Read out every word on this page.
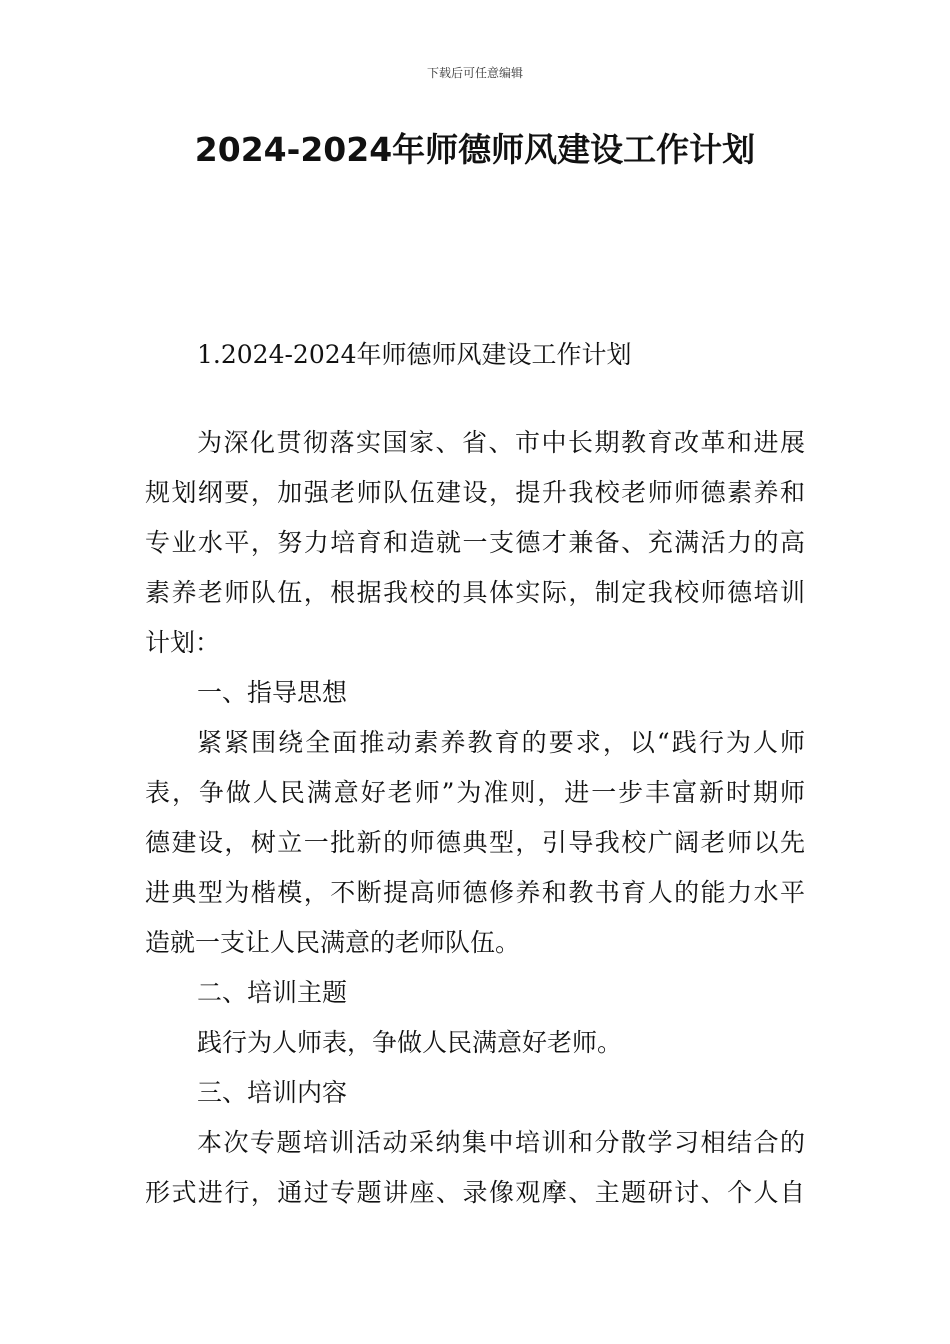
下载后可任意编辑
2024-2024年师德师风建设工作计划
1.2024-2024年师德师风建设工作计划
为深化贯彻落实国家、省、市中长期教育改革和进展
规划纲要，加强老师队伍建设，提升我校老师师德素养和
专业水平，努力培育和造就一支德才兼备、充满活力的高
素养老师队伍，根据我校的具体实际，制定我校师德培训
计划：
一、指导思想
紧紧围绕全面推动素养教育的要求，以“践行为人师
表，争做人民满意好老师”为准则，进一步丰富新时期师
德建设，树立一批新的师德典型，引导我校广阔老师以先
进典型为楷模，不断提高师德修养和教书育人的能力水平
造就一支让人民满意的老师队伍。
二、培训主题
践行为人师表，争做人民满意好老师。
三、培训内容
本次专题培训活动采纳集中培训和分散学习相结合的
形式进行，通过专题讲座、录像观摩、主题研讨、个人自
